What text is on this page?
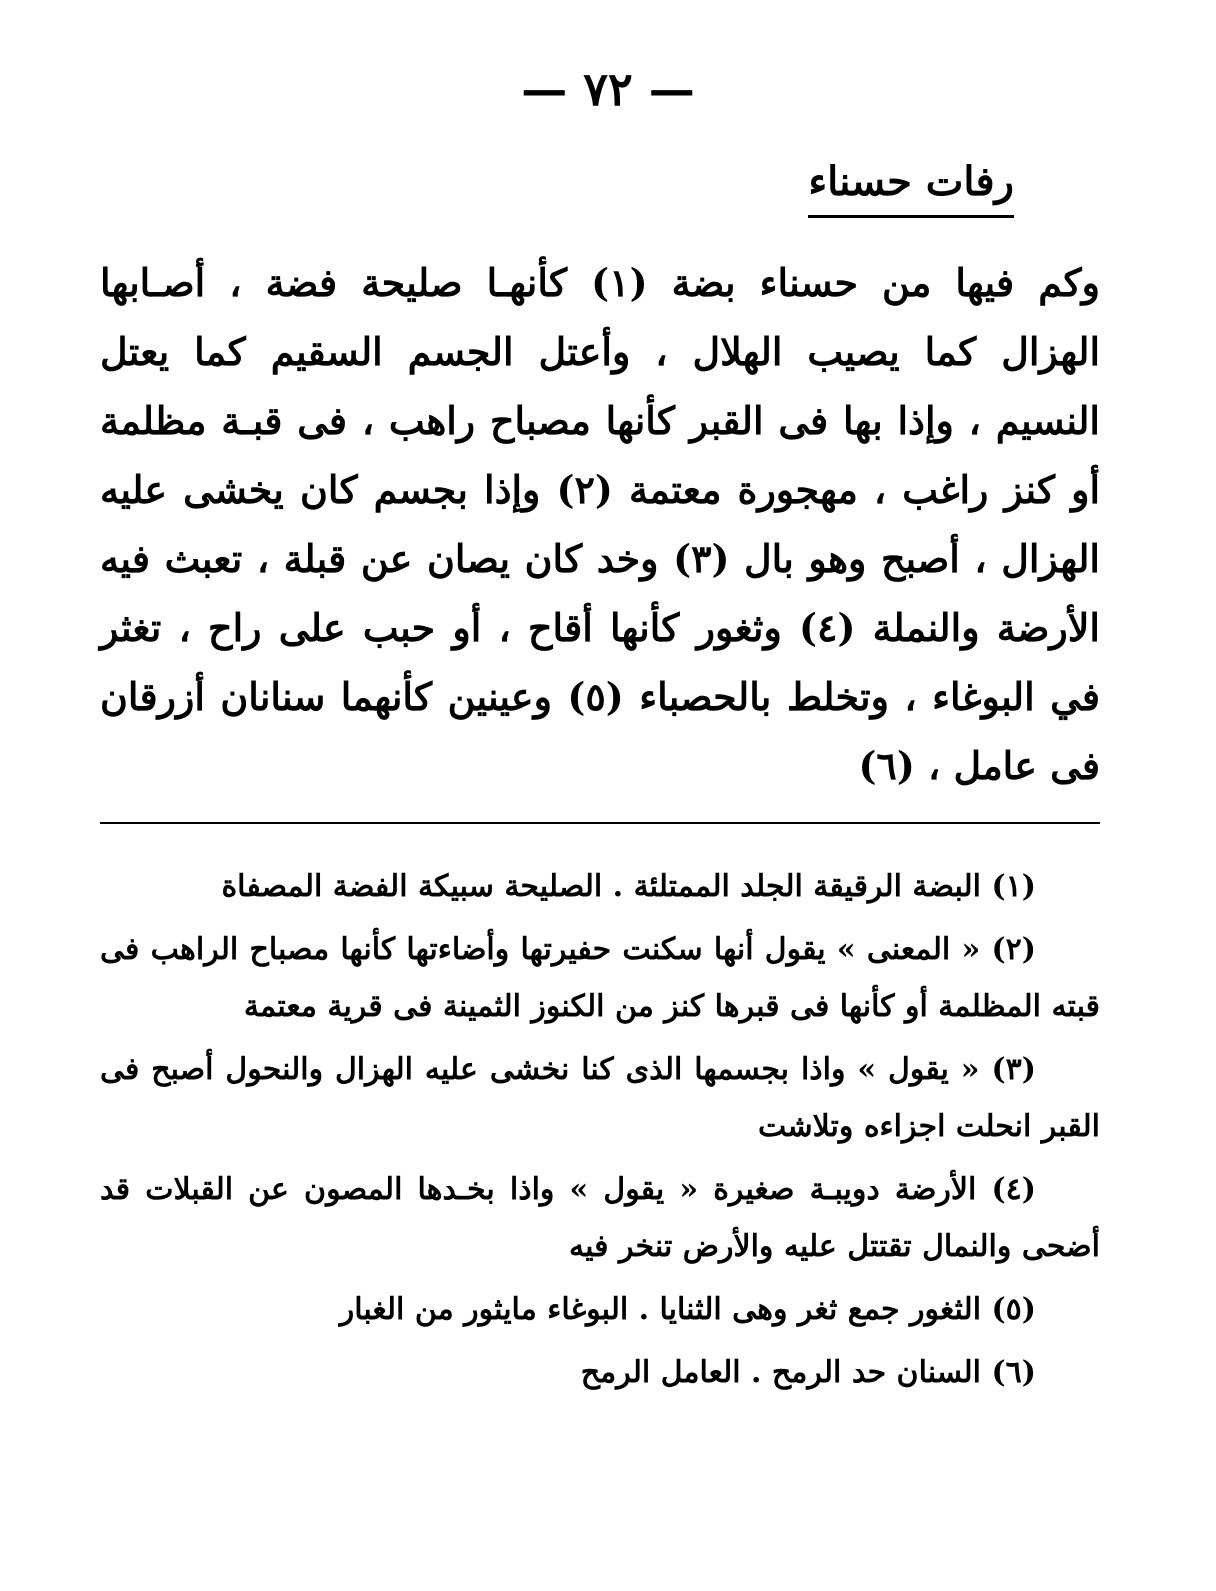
— ٧٢ —
رفات حسناء
وكم فيها من حسناء بضة (١) كأنهـا صليحة فضة ، أصـابها الهزال كما يصيب الهلال ، وأعتل الجسم السقيم كما يعتل النسيم ، وإذا بها فى القبر كأنها مصباح راهب ، فى قبـة مظلمة أو كنز راغب ، مهجورة معتمة (٢) وإذا بجسم كان يخشى عليه الهزال ، أصبح وهو بال (٣) وخد كان يصان عن قبلة ، تعبث فيه الأرضة والنملة (٤) وثغور كأنها أقاح ، أو حبب على راح ، تغثر في البوغاء ، وتخلط بالحصباء (٥) وعينين كأنهما سنانان أزرقان فى عامل ، (٦)
(١) البضة الرقيقة الجلد الممتلئة . الصليحة سبيكة الفضة المصفاة
(٢) « المعنى » يقول أنها سكنت حفيرتها وأضاءتها كأنها مصباح الراهب فى قبته المظلمة أو كأنها فى قبرها كنز من الكنوز الثمينة فى قرية معتمة
(٣) « يقول » واذا بجسمها الذى كنا نخشى عليه الهزال والنحول أصبح فى القبر انحلت اجزاءه وتلاشت
(٤) الأرضة دويبـة صغيرة « يقول » واذا بخـدها المصون عن القبلات قد أضحى والنمال تقتتل عليه والأرض تنخر فيه
(٥) الثغور جمع ثغر وهى الثنايا . البوغاء مايثور من الغبار
(٦) السنان حد الرمح . العامل الرمح
